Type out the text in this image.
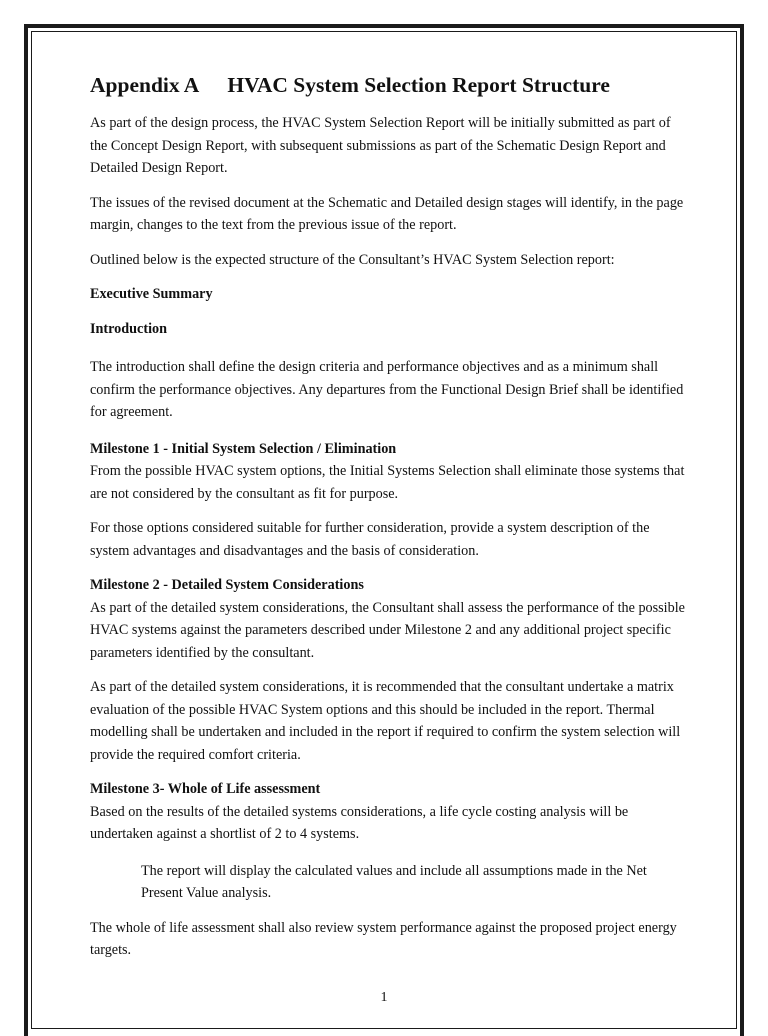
Appendix A HVAC System Selection Report Structure

As part of the design process, the HVAC System Selection Report will be initially submitted as part of the Concept Design Report, with subsequent submissions as part of the Schematic Design Report and Detailed Design Report.

The issues of the revised document at the Schematic and Detailed design stages will identify, in the page margin, changes to the text from the previous issue of the report.

Outlined below is the expected structure of the Consultant’s HVAC System Selection report:

Executive Summary
Introduction

The introduction shall define the design criteria and performance objectives and as a minimum shall confirm the performance objectives. Any departures from the Functional Design Brief shall be identified for agreement.

Milestone 1 - Initial System Selection / Elimination

From the possible HVAC system options, the Initial Systems Selection shall eliminate those systems that are not considered by the consultant as fit for purpose.

For those options considered suitable for further consideration, provide a system description of the system advantages and disadvantages and the basis of consideration.

Milestone 2 - Detailed System Considerations

As part of the detailed system considerations, the Consultant shall assess the performance of the possible HVAC systems against the parameters described under Milestone 2 and any additional project specific parameters identified by the consultant.

As part of the detailed system considerations, it is recommended that the consultant undertake a matrix evaluation of the possible HVAC System options and this should be included in the report. Thermal modelling shall be undertaken and included in the report if required to confirm the system selection will provide the required comfort criteria.

Milestone 3- Whole of Life assessment

Based on the results of the detailed systems considerations, a life cycle costing analysis will be undertaken against a shortlist of 2 to 4 systems.

The report will display the calculated values and include all assumptions made in the Net Present Value analysis.

The whole of life assessment shall also review system performance against the proposed project energy targets.

1
